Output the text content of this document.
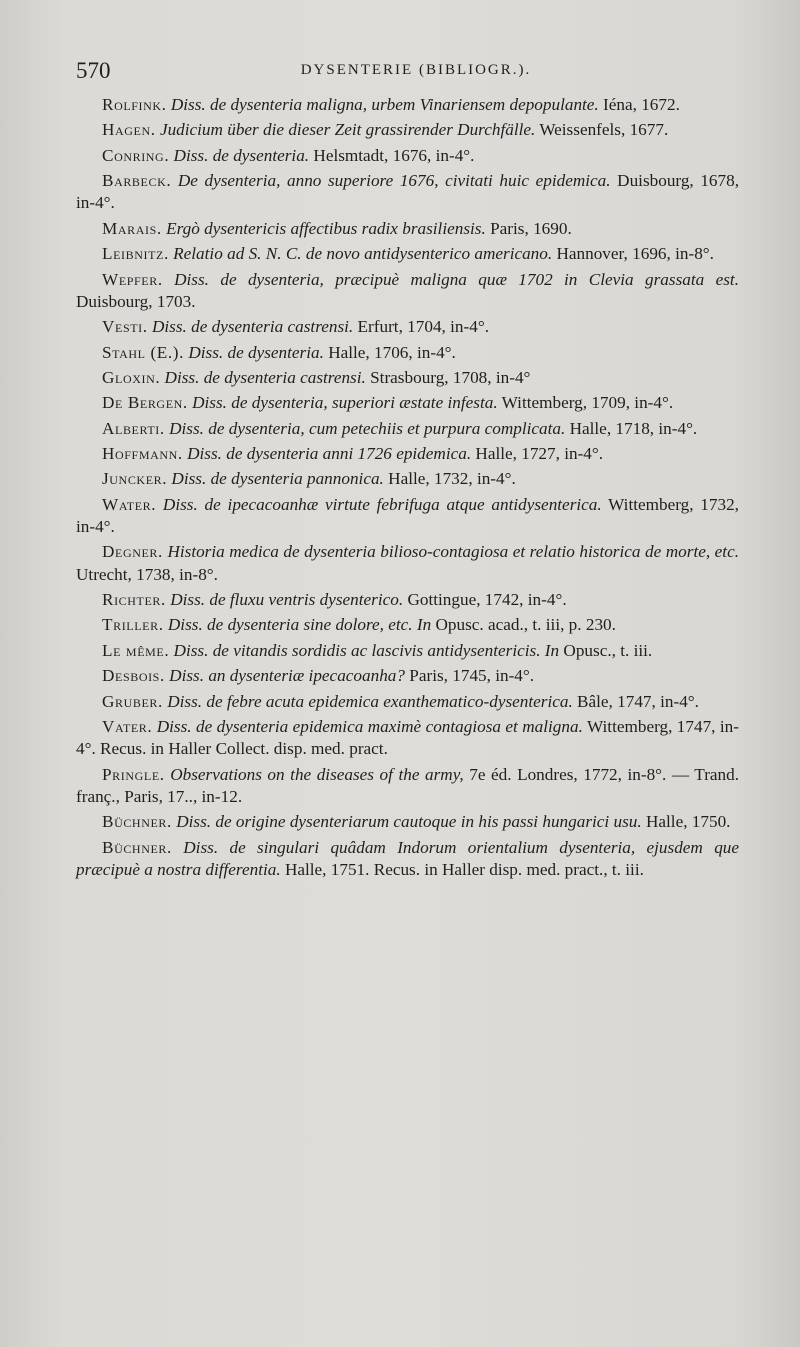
570	DYSENTERIE (BIBLIOGR.).

Rolfink. Diss. de dysenteria maligna, urbem Vinariensem depopulante. Iéna, 1672.

Hagen. Judicium über die dieser Zeit grassirender Durchfälle. Weissenfels, 1677.

Conring. Diss. de dysenteria. Helsmtadt, 1676, in-4°.

Barbeck. De dysenteria, anno superiore 1676, civitati huic epidemica. Duisbourg, 1678, in-4°.

Marais. Ergò dysentericis affectibus radix brasiliensis. Paris, 1690.

Leibnitz. Relatio ad S. N. C. de novo antidysenterico americano. Hannover, 1696, in-8°.

Wepfer. Diss. de dysenteria, præcipuè maligna quæ 1702 in Clevia grassata est. Duisbourg, 1703.

Vesti. Diss. de dysenteria castrensi. Erfurt, 1704, in-4°.

Stahl (E.). Diss. de dysenteria. Halle, 1706, in-4°.

Gloxin. Diss. de dysenteria castrensi. Strasbourg, 1708, in-4°

De Bergen. Diss. de dysenteria, superiori æstate infesta. Wittemberg, 1709, in-4°.

Alberti. Diss. de dysenteria, cum petechiis et purpura complicata. Halle, 1718, in-4°.

Hoffmann. Diss. de dysenteria anni 1726 epidemica. Halle, 1727, in-4°.

Juncker. Diss. de dysenteria pannonica. Halle, 1732, in-4°.

Water. Diss. de ipecacoanhæ virtute febrifuga atque antidysenterica. Wittemberg, 1732, in-4°.

Degner. Historia medica de dysenteria bilioso-contagiosa et relatio historica de morte, etc. Utrecht, 1738, in-8°.

Richter. Diss. de fluxu ventris dysenterico. Gottingue, 1742, in-4°.

Triller. Diss. de dysenteria sine dolore, etc. In Opusc. acad., t. iii, p. 230.

Le même. Diss. de vitandis sordidis ac lascivis antidysentericis. In Opusc., t. iii.

Desbois. Diss. an dysenteriæ ipecacoanha? Paris, 1745, in-4°.

Gruber. Diss. de febre acuta epidemica exanthematico-dysenterica. Bâle, 1747, in-4°.

Vater. Diss. de dysenteria epidemica maximè contagiosa et maligna. Wittemberg, 1747, in-4°. Recus. in Haller Collect. disp. med. pract.

Pringle. Observations on the diseases of the army, 7e éd. Londres, 1772, in-8°. — Trand. franç., Paris, 17.., in-12.

Büchner. Diss. de origine dysenteriarum cautoque in his passi hungarici usu. Halle, 1750.

Büchner. Diss. de singulari quâdam Indorum orientalium dysenteria, ejusdem que præcipuè a nostra differentia. Halle, 1751. Recus. in Haller disp. med. pract., t. iii.
